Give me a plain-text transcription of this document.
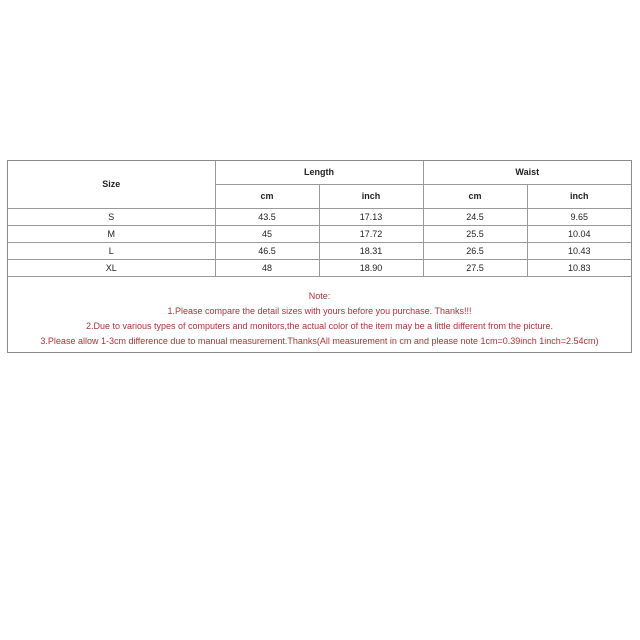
Size	Length		Waist	
	cm	inch	cm	inch
S	43.5	17.13	24.5	9.65
M	45	17.72	25.5	10.04
L	46.5	18.31	26.5	10.43
XL	48	18.90	27.5	10.83
Note:
1.Please compare the detail sizes with yours before you purchase. Thanks!!!
2.Due to various types of computers and monitors,the actual color of the item may be a little different from the picture.
3.Please allow 1-3cm difference due to manual measurement.Thanks(All measurement in cm and please note 1cm=0.39inch 1inch=2.54cm)
